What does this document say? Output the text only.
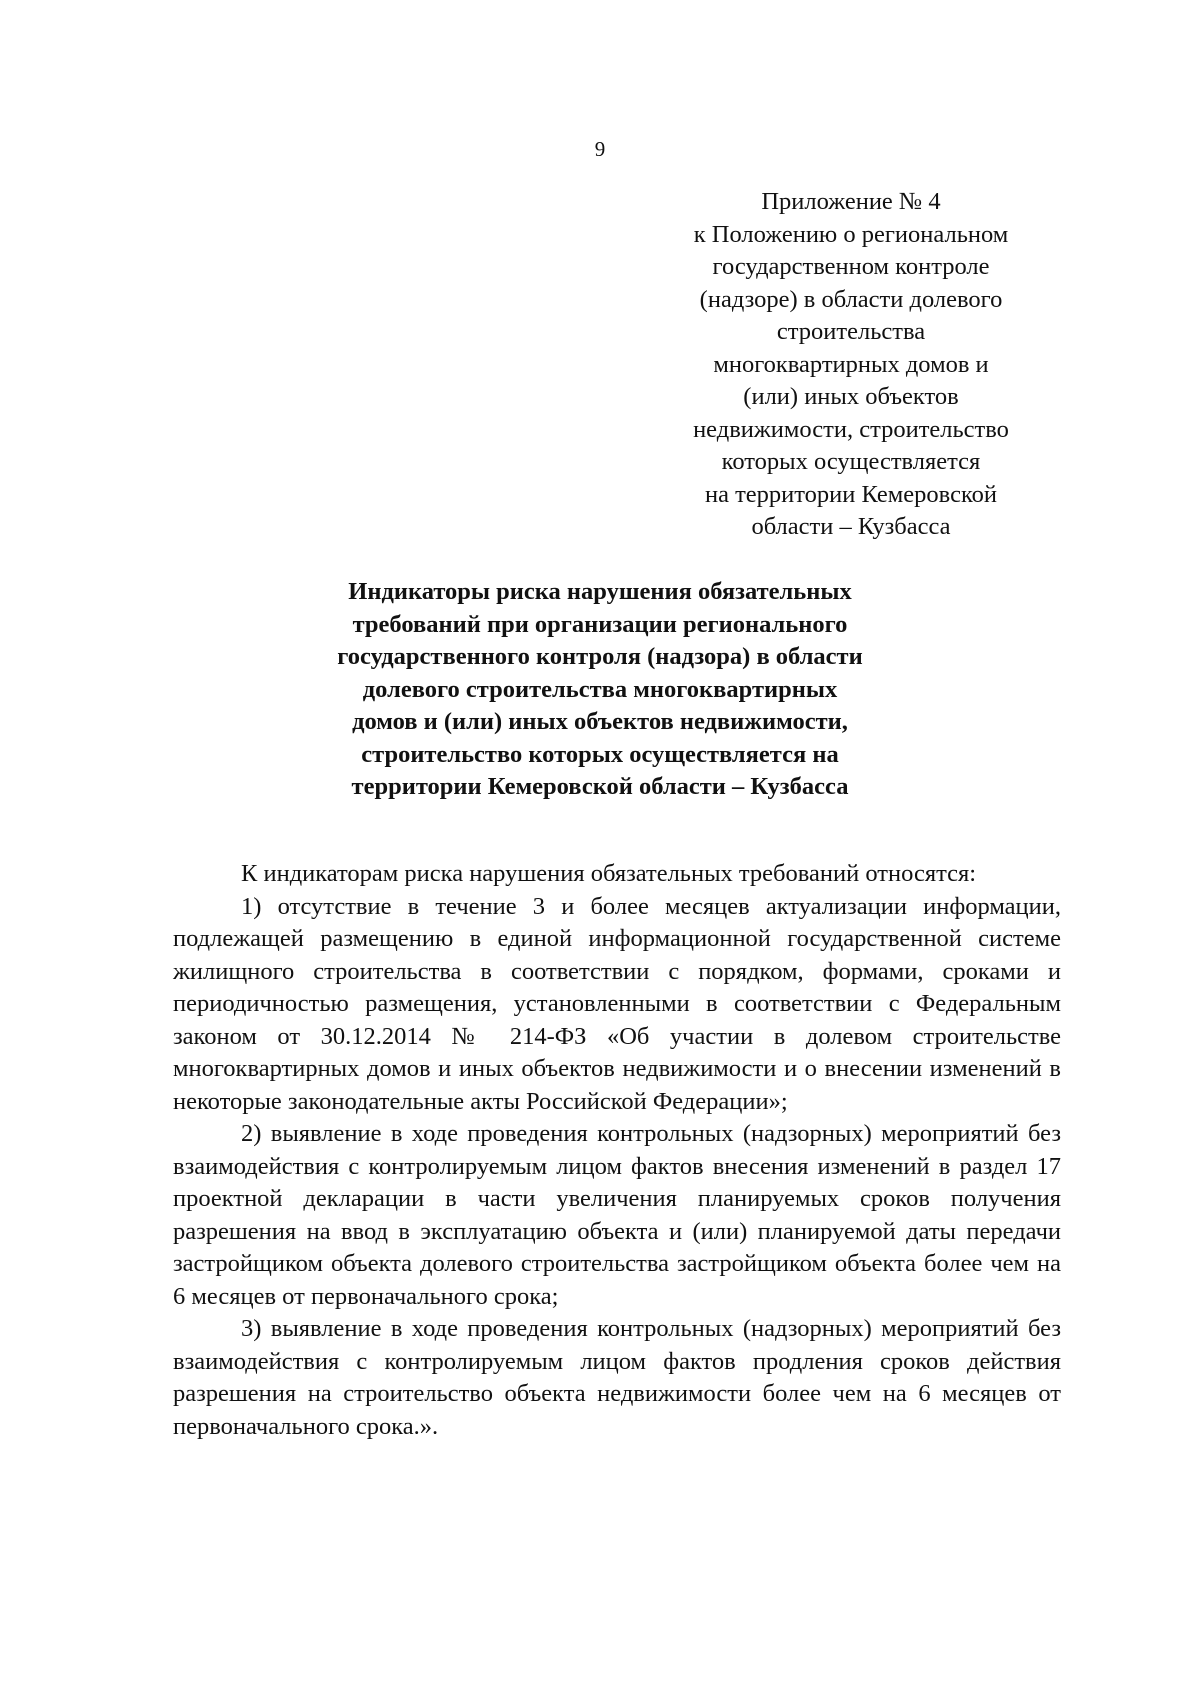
9
Приложение № 4
к Положению о региональном
государственном контроле
(надзоре) в области долевого
строительства
многоквартирных домов и
(или) иных объектов
недвижимости, строительство
которых осуществляется
на территории Кемеровской
области – Кузбасса
Индикаторы риска нарушения обязательных
требований при организации регионального
государственного контроля (надзора) в области
долевого строительства многоквартирных
домов и (или) иных объектов недвижимости,
строительство которых осуществляется на
территории Кемеровской области – Кузбасса

К индикаторам риска нарушения обязательных требований относятся:

1) отсутствие в течение 3 и более месяцев актуализации информации, подлежащей размещению в единой информационной государственной системе жилищного строительства в соответствии с порядком, формами, сроками и периодичностью размещения, установленными в соответствии с Федеральным законом от 30.12.2014 № 214-ФЗ «Об участии в долевом строительстве многоквартирных домов и иных объектов недвижимости и о внесении изменений в некоторые законодательные акты Российской Федерации»;

2) выявление в ходе проведения контрольных (надзорных) мероприятий без взаимодействия с контролируемым лицом фактов внесения изменений в раздел 17 проектной декларации в части увеличения планируемых сроков получения разрешения на ввод в эксплуатацию объекта и (или) планируемой даты передачи застройщиком объекта долевого строительства застройщиком объекта более чем на 6 месяцев от первоначального срока;

3) выявление в ходе проведения контрольных (надзорных) мероприятий без взаимодействия с контролируемым лицом фактов продления сроков действия разрешения на строительство объекта недвижимости более чем на 6 месяцев от первоначального срока.».
